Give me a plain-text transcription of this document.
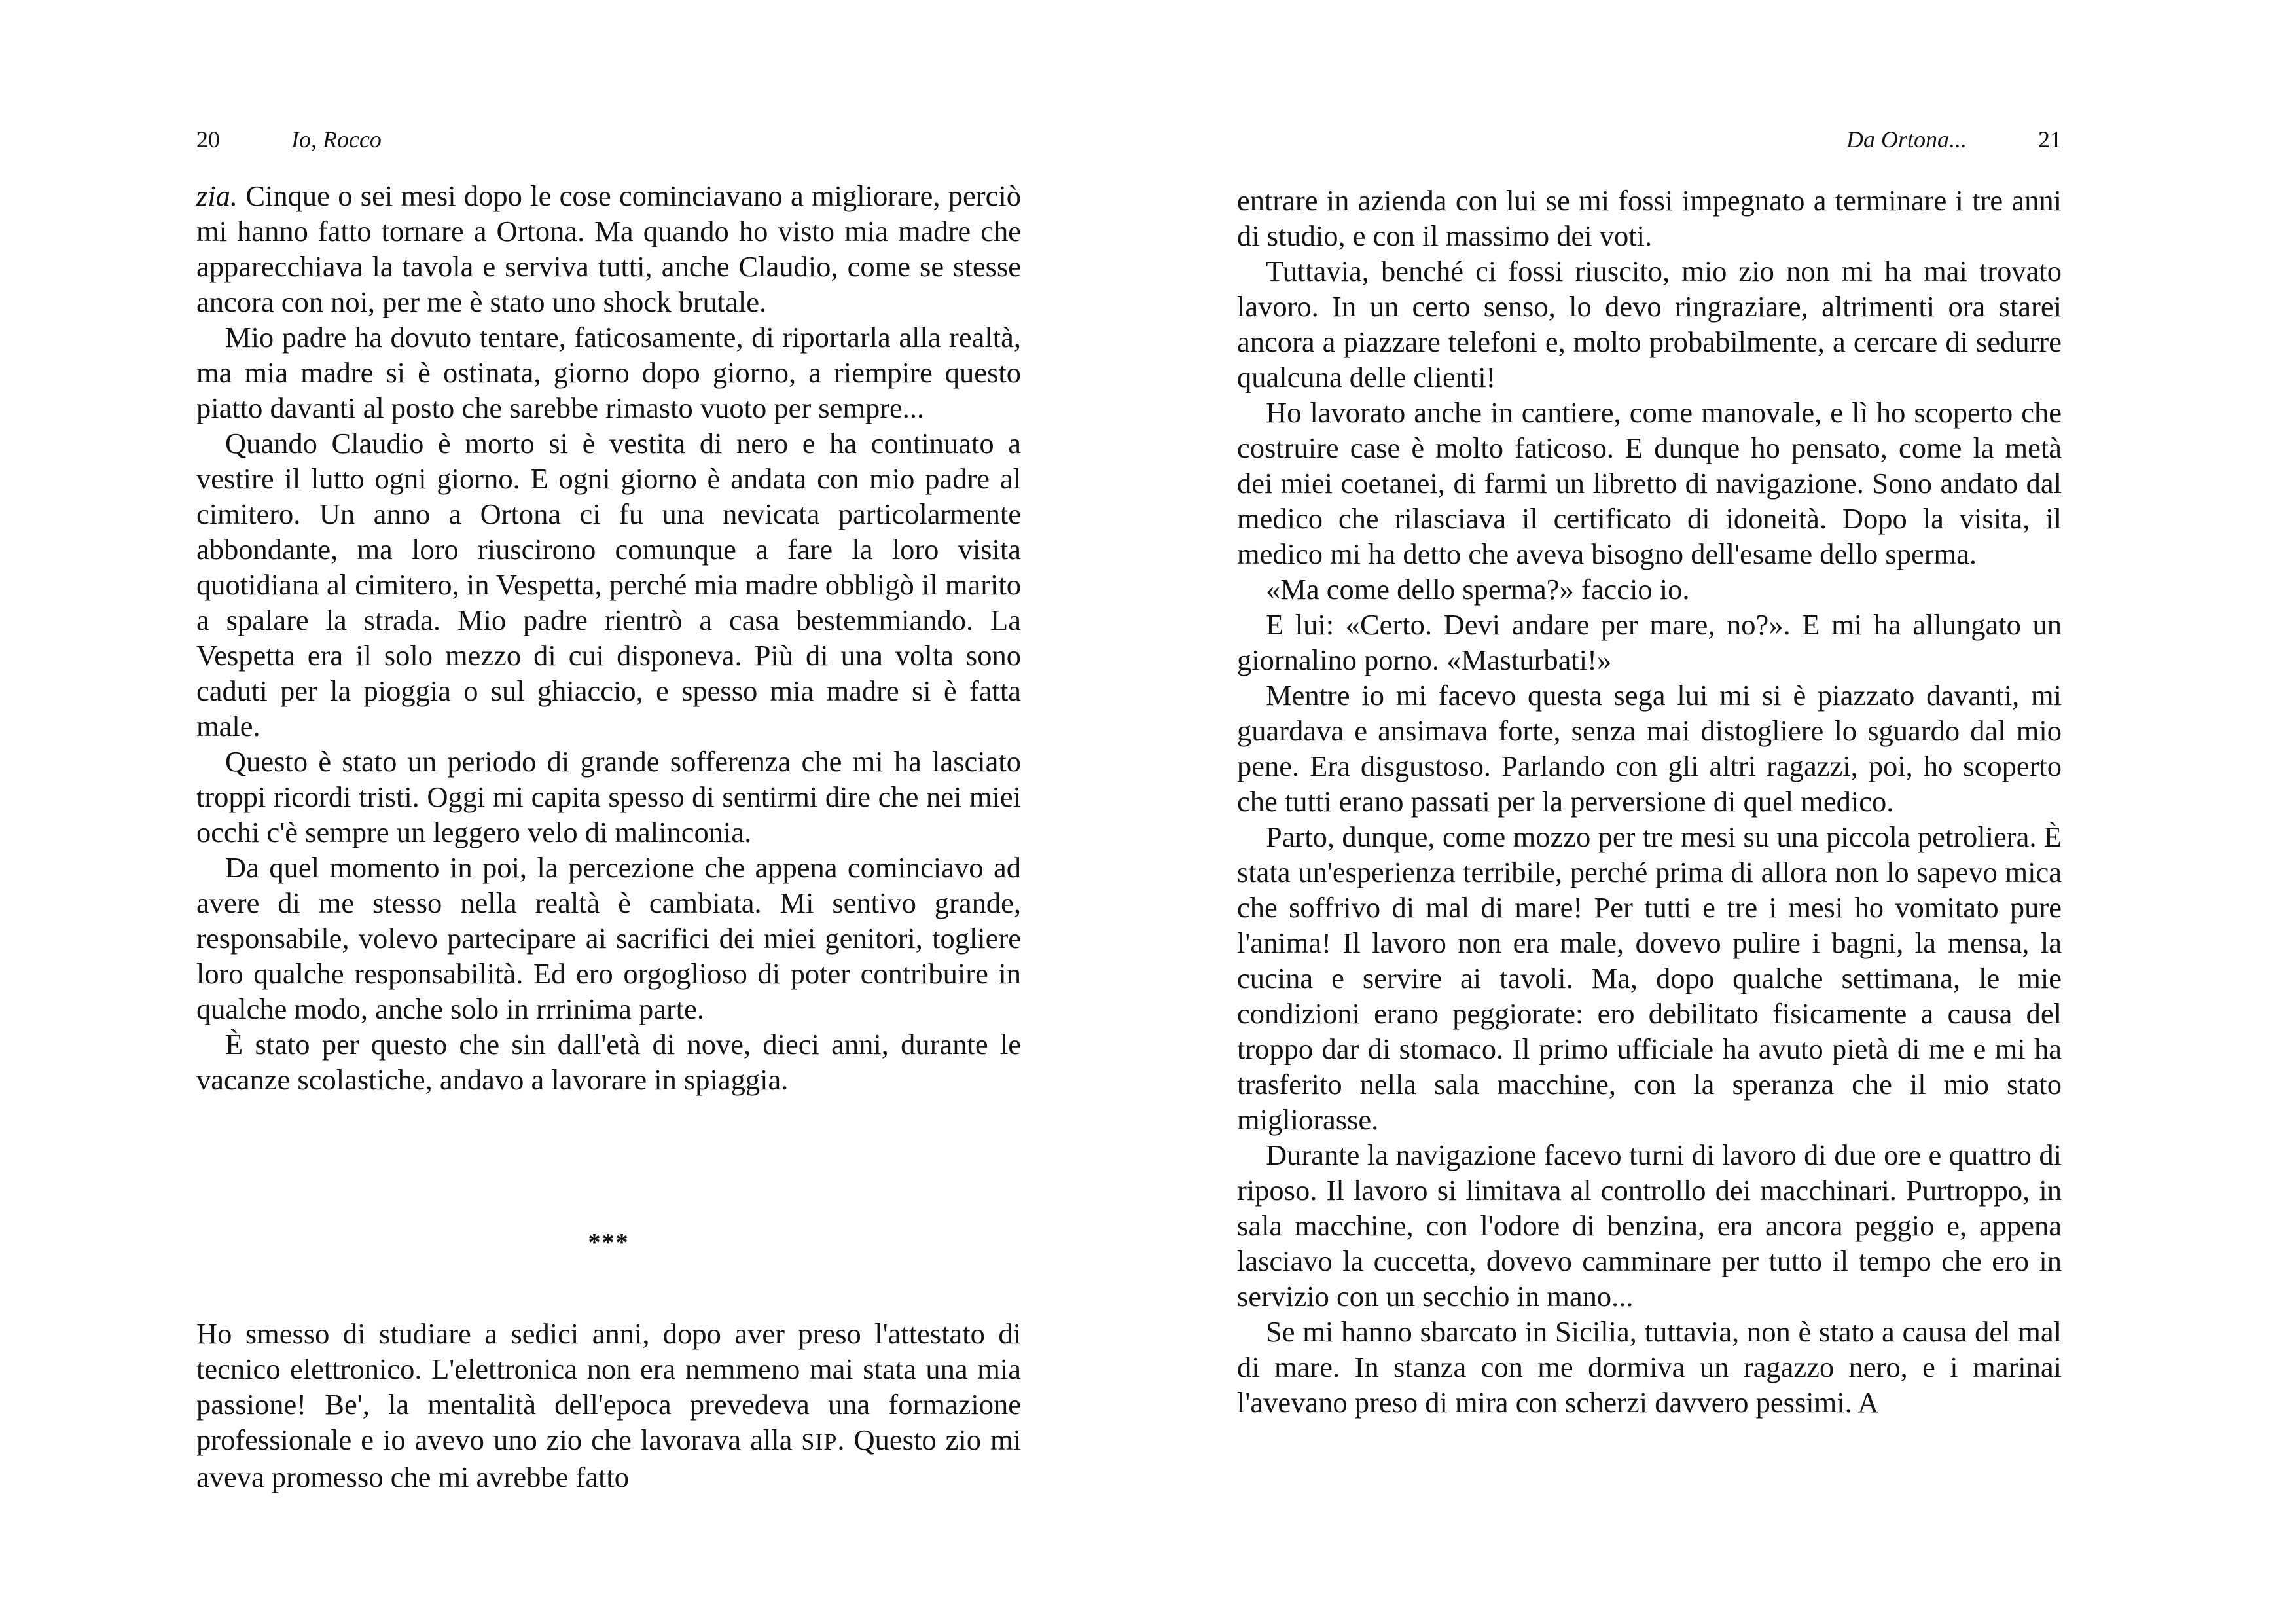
20	Io, Rocco

zia. Cinque o sei mesi dopo le cose cominciavano a migliorare, perciò mi hanno fatto tornare a Ortona. Ma quando ho visto mia madre che apparecchiava la tavola e serviva tutti, anche Claudio, come se stesse ancora con noi, per me è stato uno shock brutale.

Mio padre ha dovuto tentare, faticosamente, di riportarla alla realtà, ma mia madre si è ostinata, giorno dopo giorno, a riempire questo piatto davanti al posto che sarebbe rimasto vuoto per sempre...

Quando Claudio è morto si è vestita di nero e ha continuato a vestire il lutto ogni giorno. E ogni giorno è andata con mio padre al cimitero. Un anno a Ortona ci fu una nevicata particolarmente abbondante, ma loro riuscirono comunque a fare la loro visita quotidiana al cimitero, in Vespetta, perché mia madre obbligò il marito a spalare la strada. Mio padre rientrò a casa bestemmiando. La Vespetta era il solo mezzo di cui disponeva. Più di una volta sono caduti per la pioggia o sul ghiaccio, e spesso mia madre si è fatta male.

Questo è stato un periodo di grande sofferenza che mi ha lasciato troppi ricordi tristi. Oggi mi capita spesso di sentirmi dire che nei miei occhi c'è sempre un leggero velo di malinconia.

Da quel momento in poi, la percezione che appena cominciavo ad avere di me stesso nella realtà è cambiata. Mi sentivo grande, responsabile, volevo partecipare ai sacrifici dei miei genitori, togliere loro qualche responsabilità. Ed ero orgoglioso di poter contribuire in qualche modo, anche solo in rrrinima parte.

È stato per questo che sin dall'età di nove, dieci anni, durante le vacanze scolastiche, andavo a lavorare in spiaggia.

***

Ho smesso di studiare a sedici anni, dopo aver preso l'attestato di tecnico elettronico. L'elettronica non era nemmeno mai stata una mia passione! Be', la mentalità dell'epoca prevedeva una formazione professionale e io avevo uno zio che lavorava alla SIP. Questo zio mi aveva promesso che mi avrebbe fatto

Da Ortona...	21

entrare in azienda con lui se mi fossi impegnato a terminare i tre anni di studio, e con il massimo dei voti.

Tuttavia, benché ci fossi riuscito, mio zio non mi ha mai trovato lavoro. In un certo senso, lo devo ringraziare, altrimenti ora starei ancora a piazzare telefoni e, molto probabilmente, a cercare di sedurre qualcuna delle clienti!

Ho lavorato anche in cantiere, come manovale, e lì ho scoperto che costruire case è molto faticoso. E dunque ho pensato, come la metà dei miei coetanei, di farmi un libretto di navigazione. Sono andato dal medico che rilasciava il certificato di idoneità. Dopo la visita, il medico mi ha detto che aveva bisogno dell'esame dello sperma.

«Ma come dello sperma?» faccio io.

E lui: «Certo. Devi andare per mare, no?». E mi ha allungato un giornalino porno. «Masturbati!»

Mentre io mi facevo questa sega lui mi si è piazzato davanti, mi guardava e ansimava forte, senza mai distogliere lo sguardo dal mio pene. Era disgustoso. Parlando con gli altri ragazzi, poi, ho scoperto che tutti erano passati per la perversione di quel medico.

Parto, dunque, come mozzo per tre mesi su una piccola petroliera. È stata un'esperienza terribile, perché prima di allora non lo sapevo mica che soffrivo di mal di mare! Per tutti e tre i mesi ho vomitato pure l'anima! Il lavoro non era male, dovevo pulire i bagni, la mensa, la cucina e servire ai tavoli. Ma, dopo qualche settimana, le mie condizioni erano peggiorate: ero debilitato fisicamente a causa del troppo dar di stomaco. Il primo ufficiale ha avuto pietà di me e mi ha trasferito nella sala macchine, con la speranza che il mio stato migliorasse.

Durante la navigazione facevo turni di lavoro di due ore e quattro di riposo. Il lavoro si limitava al controllo dei macchinari. Purtroppo, in sala macchine, con l'odore di benzina, era ancora peggio e, appena lasciavo la cuccetta, dovevo camminare per tutto il tempo che ero in servizio con un secchio in mano...

Se mi hanno sbarcato in Sicilia, tuttavia, non è stato a causa del mal di mare. In stanza con me dormiva un ragazzo nero, e i marinai l'avevano preso di mira con scherzi davvero pessimi. A
